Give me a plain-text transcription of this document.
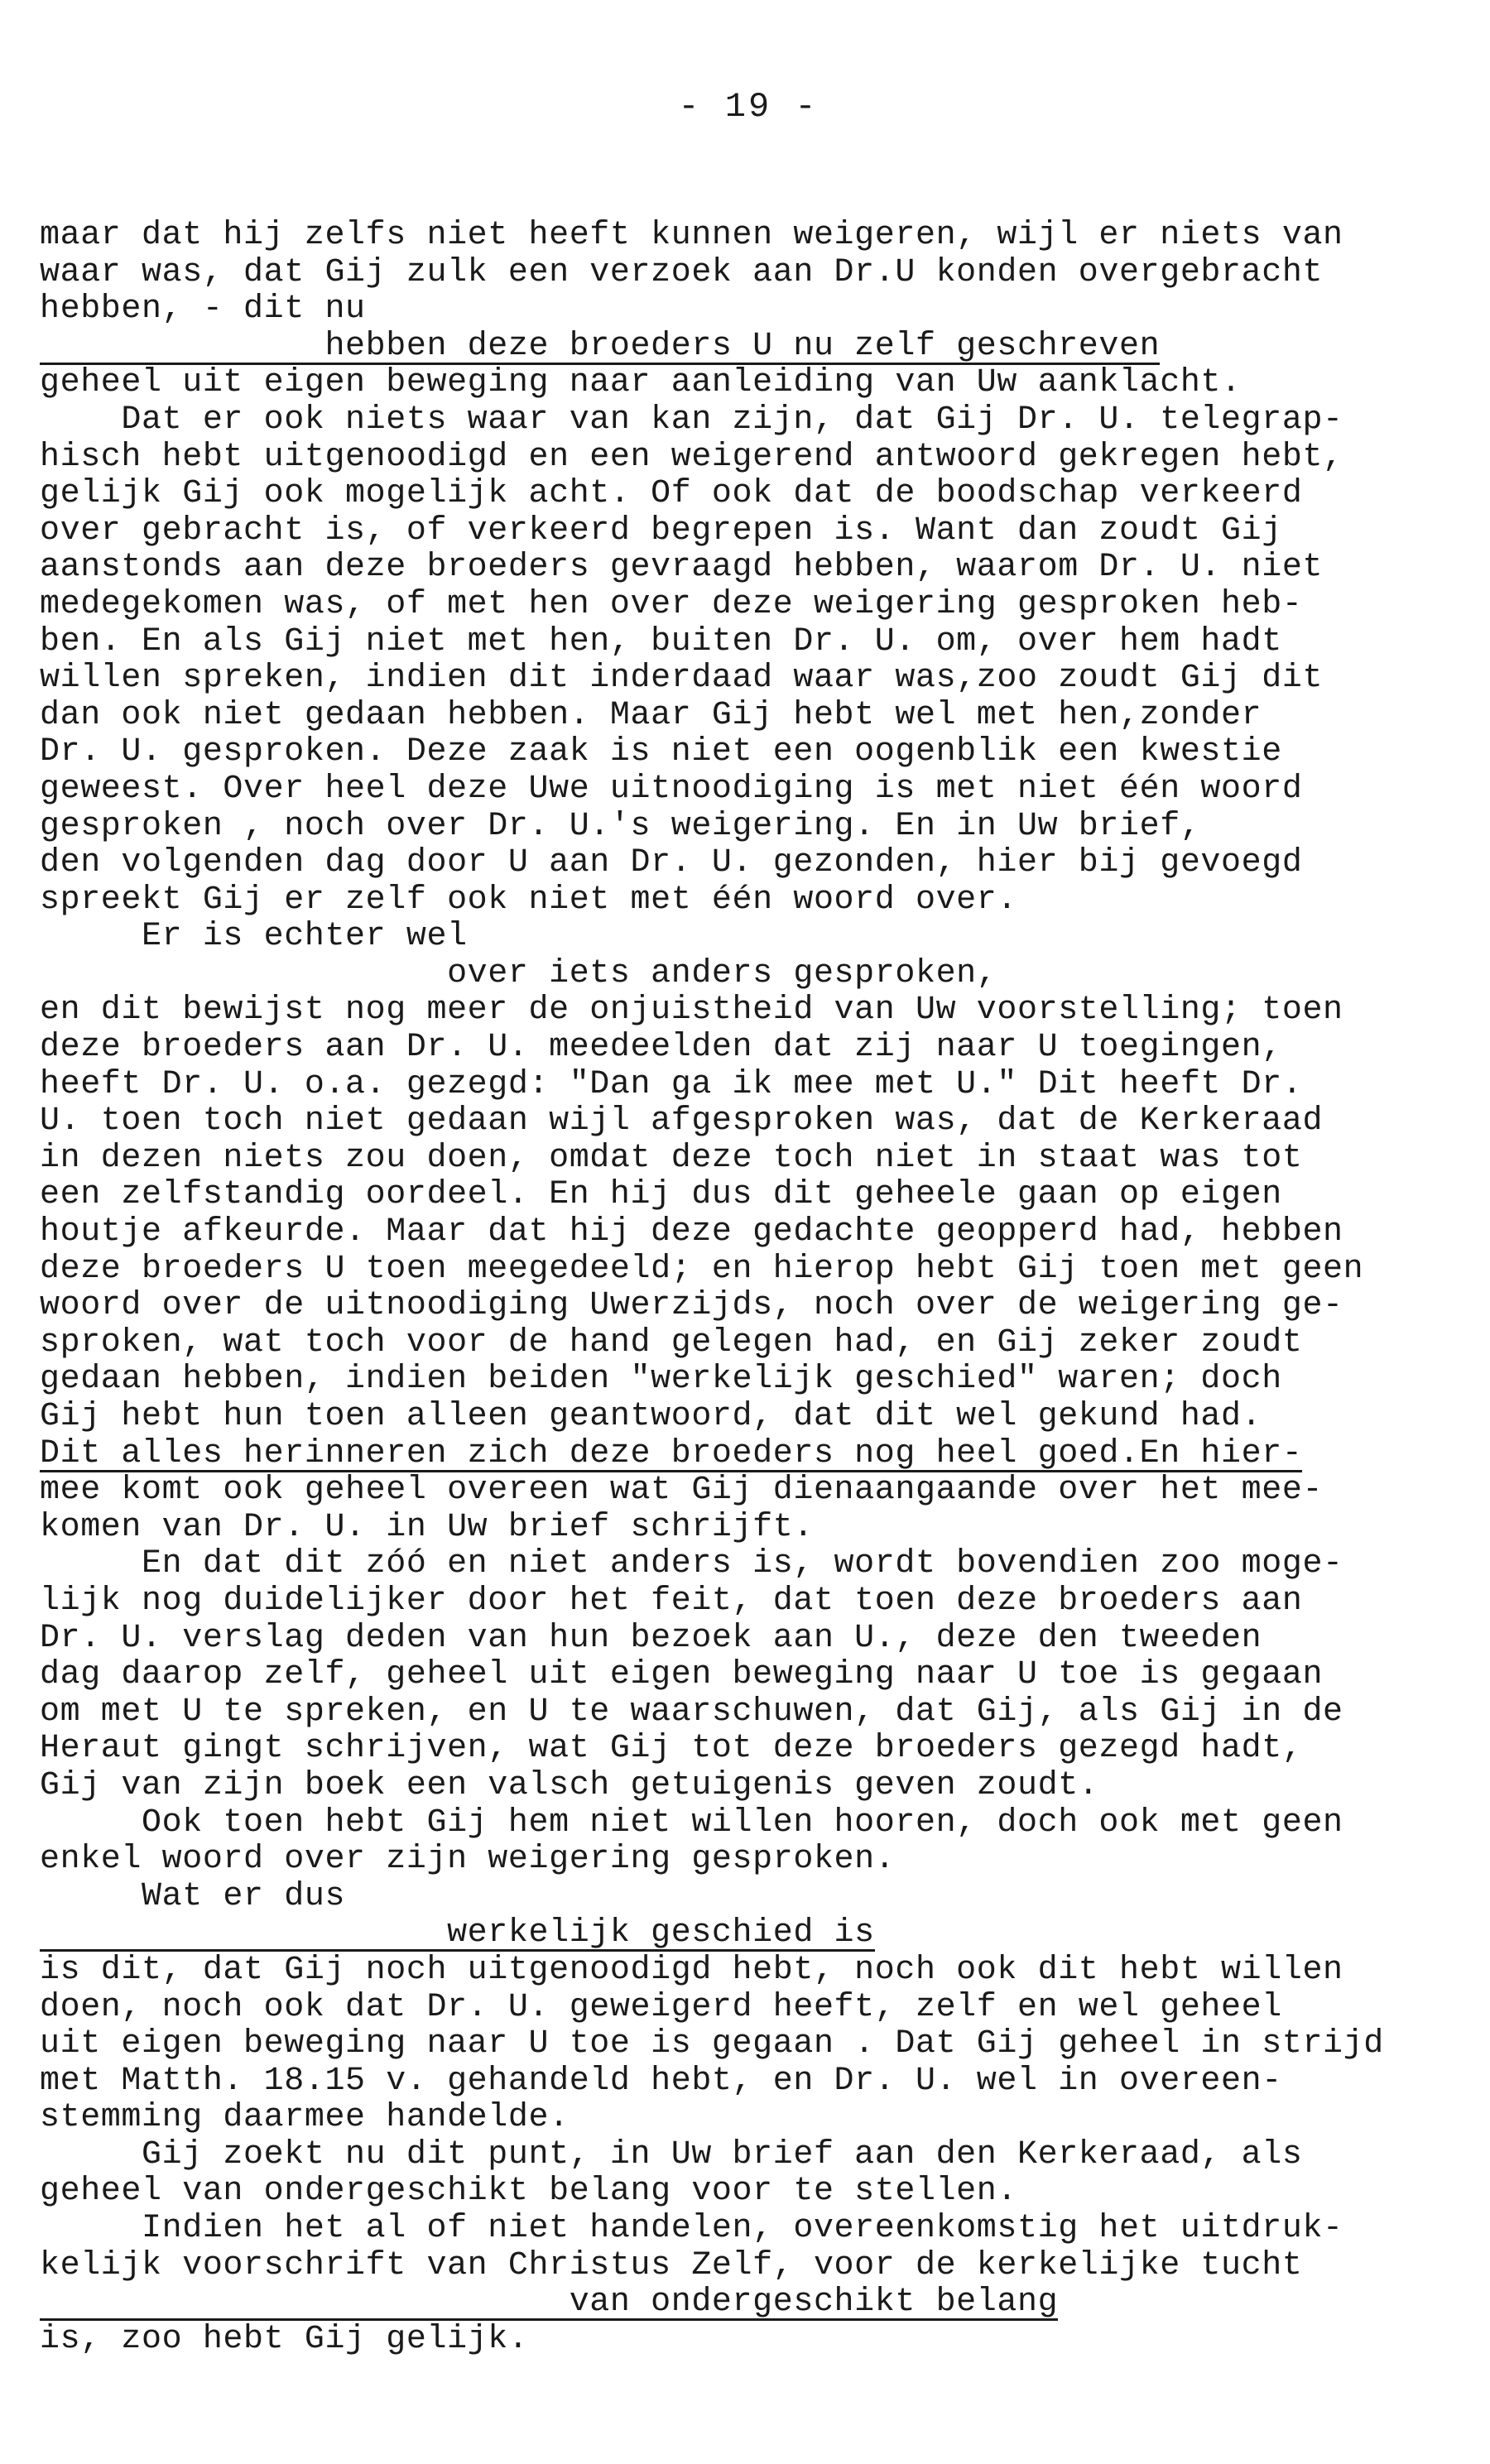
- 19 -
maar dat hij zelfs niet heeft kunnen weigeren, wijl er niets van
waar was, dat Gij zulk een verzoek aan Dr.U konden overgebracht
hebben, - dit nu
hebben deze broeders U nu zelf geschreven
geheel uit eigen beweging naar aanleiding van Uw aanklacht.
Dat er ook niets waar van kan zijn, dat Gij Dr. U. telegrap-
hisch hebt uitgenoodigd en een weigerend antwoord gekregen hebt,
gelijk Gij ook mogelijk acht. Of ook dat de boodschap verkeerd
over gebracht is, of verkeerd begrepen is. Want dan zoudt Gij
aanstonds aan deze broeders gevraagd hebben, waarom Dr. U. niet
medegekomen was, of met hen over deze weigering gesproken heb-
ben. En als Gij niet met hen, buiten Dr. U. om, over hem hadt
willen spreken, indien dit inderdaad waar was,zoo zoudt Gij dit
dan ook niet gedaan hebben. Maar Gij hebt wel met hen,zonder
Dr. U. gesproken. Deze zaak is niet een oogenblik een kwestie
geweest. Over heel deze Uwe uitnoodiging is met niet één woord
gesproken , noch over Dr. U.'s weigering. En in Uw brief,
den volgenden dag door U aan Dr. U. gezonden, hier bij gevoegd
spreekt Gij er zelf ook niet met één woord over.
Er is echter wel
over iets anders gesproken,
en dit bewijst nog meer de onjuistheid van Uw voorstelling; toen
deze broeders aan Dr. U. meedeelden dat zij naar U toegingen,
heeft Dr. U. o.a. gezegd: "Dan ga ik mee met U." Dit heeft Dr.
U. toen toch niet gedaan wijl afgesproken was, dat de Kerkeraad
in dezen niets zou doen, omdat deze toch niet in staat was tot
een zelfstandig oordeel. En hij dus dit geheele gaan op eigen
houtje afkeurde. Maar dat hij deze gedachte geopperd had, hebben
deze broeders U toen meegedeeld; en hierop hebt Gij toen met geen
woord over de uitnoodiging Uwerzijds, noch over de weigering ge-
sproken, wat toch voor de hand gelegen had, en Gij zeker zoudt
gedaan hebben, indien beiden "werkelijk geschied" waren; doch
Gij hebt hun toen alleen geantwoord, dat dit wel gekund had.
Dit alles herinneren zich deze broeders nog heel goed.En hier-
mee komt ook geheel overeen wat Gij dienaangaande over het mee-
komen van Dr. U. in Uw brief schrijft.
En dat dit zóó en niet anders is, wordt bovendien zoo moge-
lijk nog duidelijker door het feit, dat toen deze broeders aan
Dr. U. verslag deden van hun bezoek aan U., deze den tweeden
dag daarop zelf, geheel uit eigen beweging naar U toe is gegaan
om met U te spreken, en U te waarschuwen, dat Gij, als Gij in de
Heraut gingt schrijven, wat Gij tot deze broeders gezegd hadt,
Gij van zijn boek een valsch getuigenis geven zoudt.
Ook toen hebt Gij hem niet willen hooren, doch ook met geen
enkel woord over zijn weigering gesproken.
Wat er dus
werkelijk geschied is
is dit, dat Gij noch uitgenoodigd hebt, noch ook dit hebt willen
doen, noch ook dat Dr. U. geweigerd heeft, zelf en wel geheel
uit eigen beweging naar U toe is gegaan . Dat Gij geheel in strijd
met Matth. 18.15 v. gehandeld hebt, en Dr. U. wel in overeen-
stemming daarmee handelde.
Gij zoekt nu dit punt, in Uw brief aan den Kerkeraad, als
geheel van ondergeschikt belang voor te stellen.
Indien het al of niet handelen, overeenkomstig het uitdruk-
kelijk voorschrift van Christus Zelf, voor de kerkelijke tucht
van ondergeschikt belang
is, zoo hebt Gij gelijk.
